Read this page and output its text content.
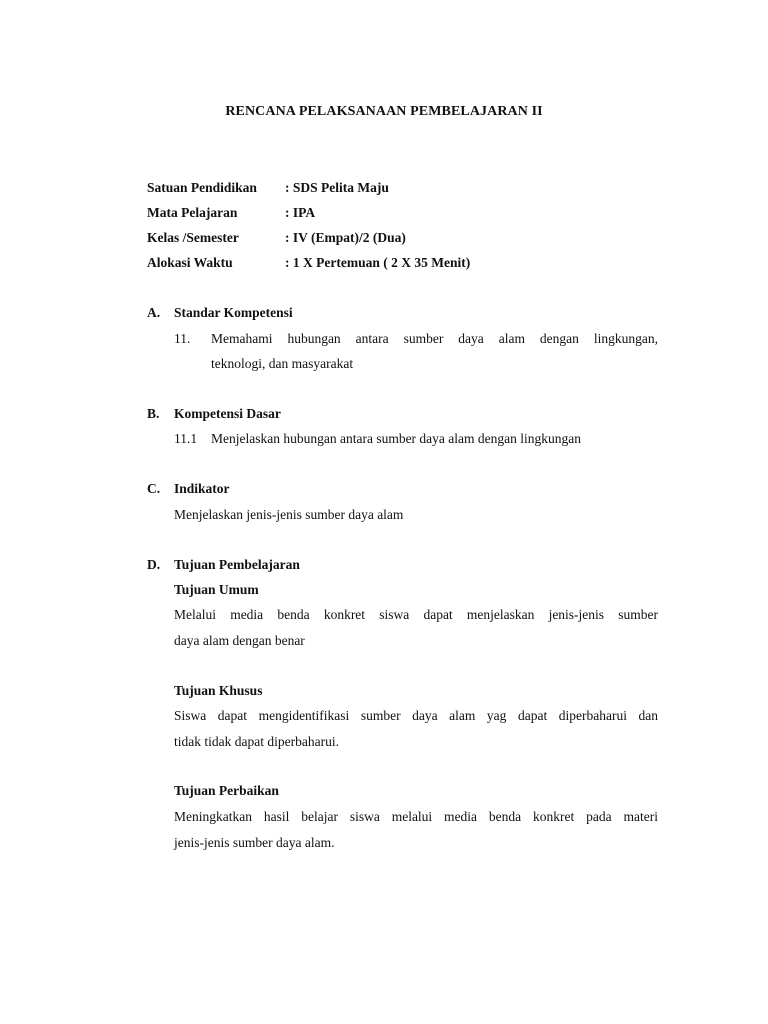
RENCANA PELAKSANAAN PEMBELAJARAN II
Satuan Pendidikan : SDS Pelita Maju
Mata Pelajaran	: IPA
Kelas /Semester	: IV (Empat)/2 (Dua)
Alokasi Waktu	: 1 X Pertemuan ( 2 X 35 Menit)
A. Standar Kompetensi
11. Memahami hubungan antara sumber daya alam dengan lingkungan,
teknologi, dan masyarakat
B. Kompetensi Dasar
11.1 Menjelaskan hubungan antara sumber daya alam dengan lingkungan
C. Indikator
Menjelaskan jenis-jenis sumber daya alam
D. Tujuan Pembelajaran
Tujuan Umum
Melalui media benda konkret siswa dapat menjelaskan jenis-jenis sumber
daya alam dengan benar
Tujuan Khusus
Siswa dapat mengidentifikasi sumber daya alam yag dapat diperbaharui dan
tidak tidak dapat diperbaharui.
Tujuan Perbaikan
Meningkatkan hasil belajar siswa melalui media benda konkret pada materi
jenis-jenis sumber daya alam.
